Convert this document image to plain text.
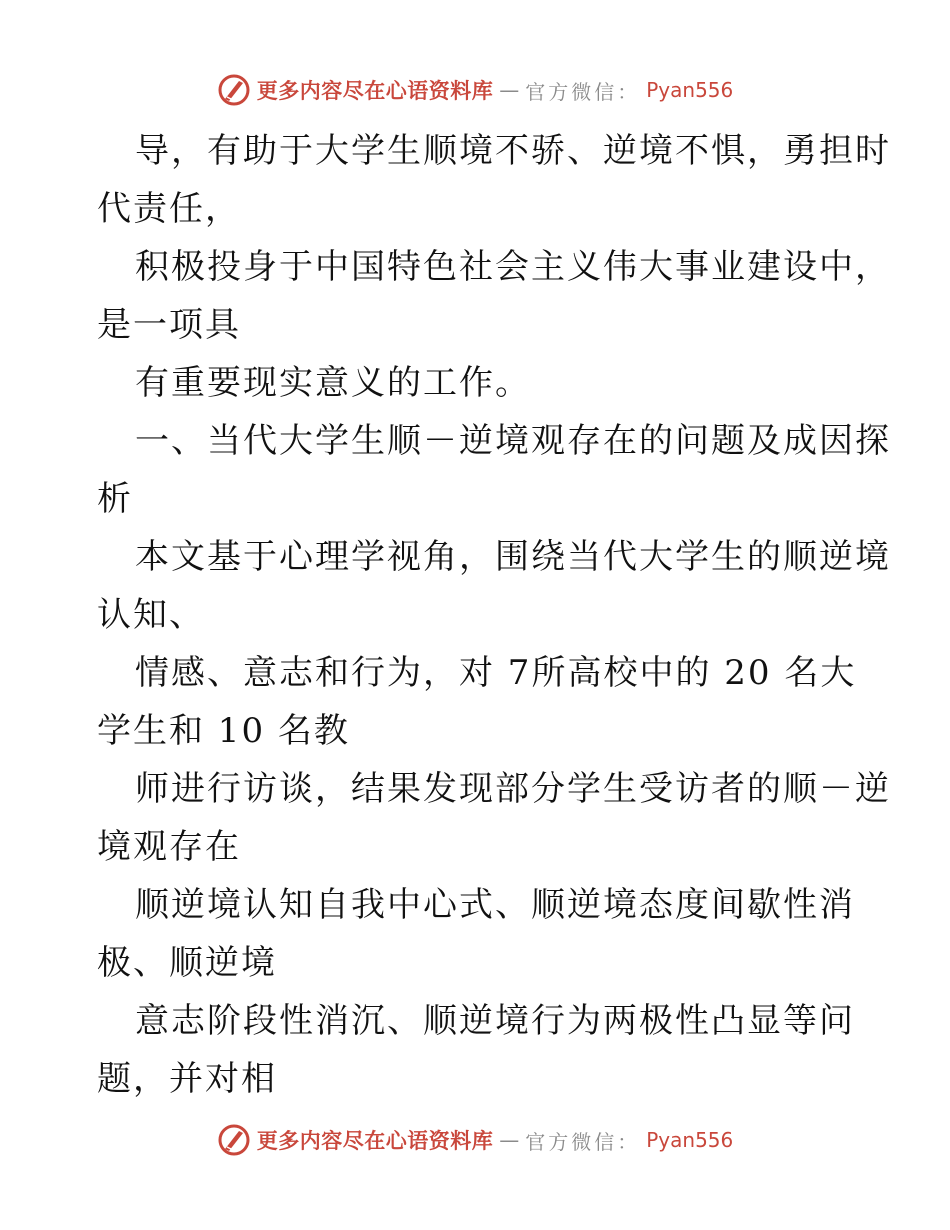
更多内容尽在心语资料库 — 官方微信： Pyan556
导，有助于大学生顺境不骄、逆境不惧，勇担时
代责任，
积极投身于中国特色社会主义伟大事业建设中，
是一项具
有重要现实意义的工作。
一、当代大学生顺－逆境观存在的问题及成因探
析
本文基于心理学视角，围绕当代大学生的顺逆境
认知、
情感、意志和行为，对 7所高校中的 20 名大
学生和 10 名教
师进行访谈，结果发现部分学生受访者的顺－逆
境观存在
顺逆境认知自我中心式、顺逆境态度间歇性消
极、顺逆境
意志阶段性消沉、顺逆境行为两极性凸显等问
题，并对相
更多内容尽在心语资料库 — 官方微信： Pyan556
